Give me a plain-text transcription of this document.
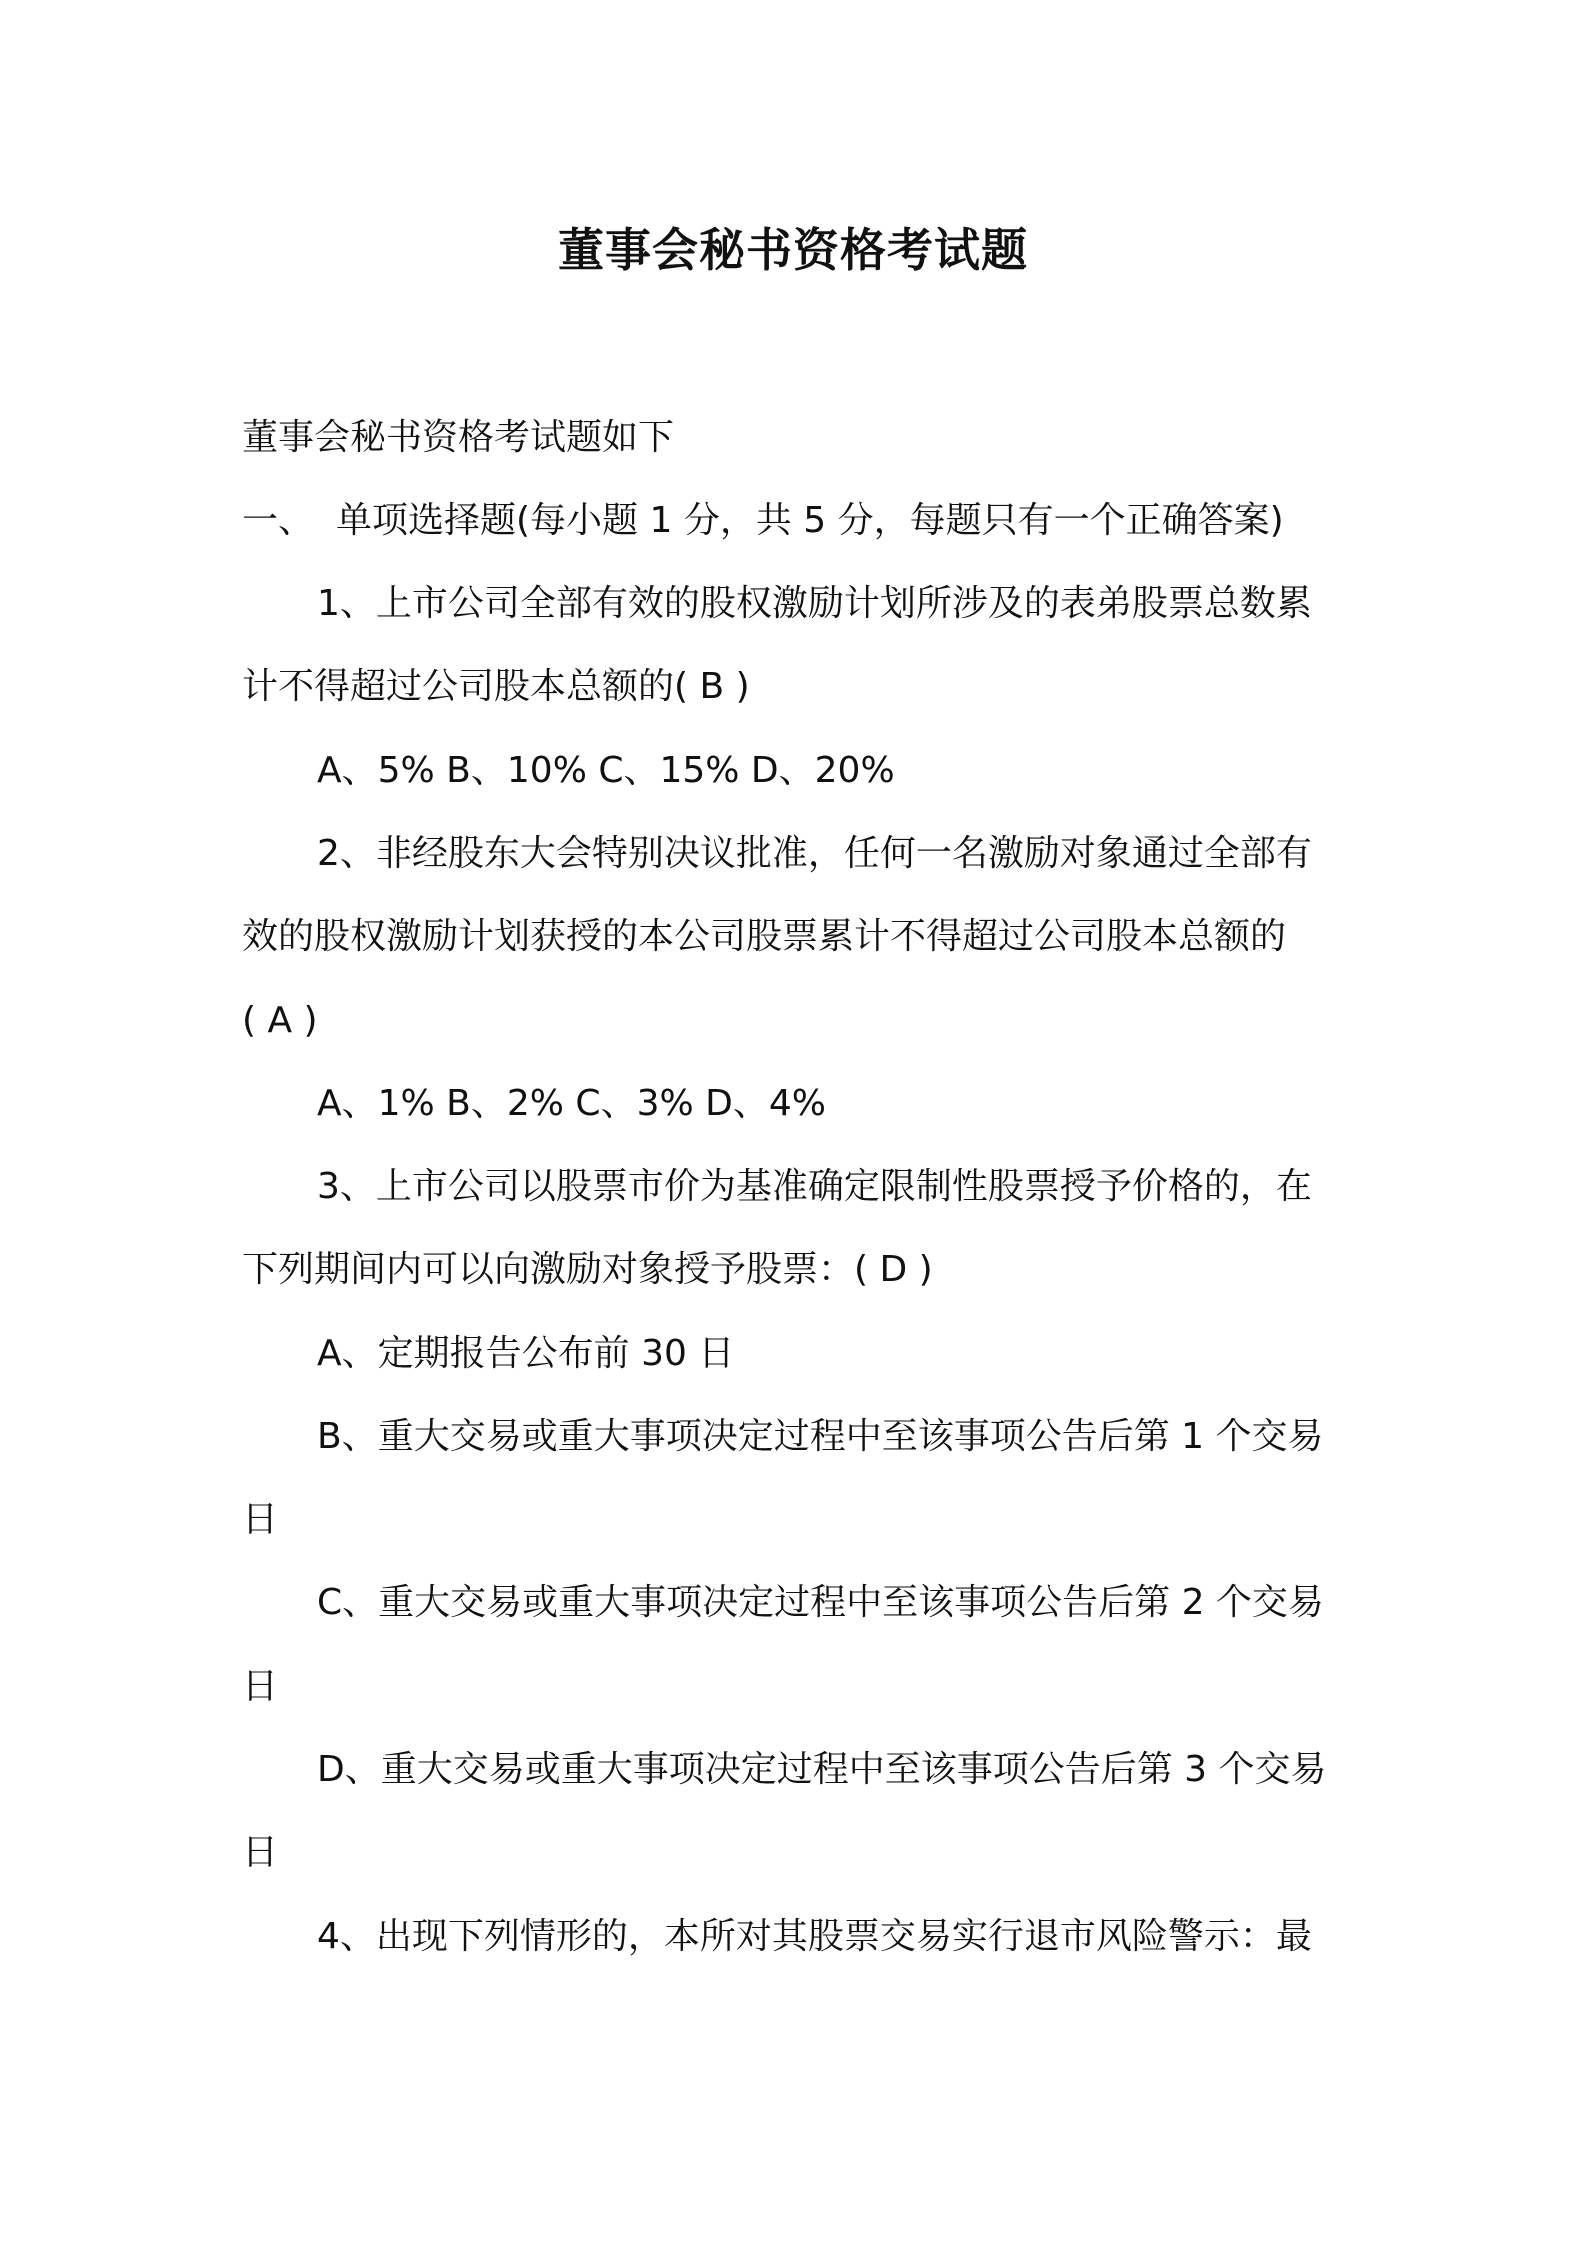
董事会秘书资格考试题
董事会秘书资格考试题如下
一、 单项选择题(每小题 1 分，共 5 分，每题只有一个正确答案)
1、上市公司全部有效的股权激励计划所涉及的表弟股票总数累
计不得超过公司股本总额的( B )
A、5% B、10% C、15% D、20%
2、非经股东大会特别决议批准，任何一名激励对象通过全部有
效的股权激励计划获授的本公司股票累计不得超过公司股本总额的
( A )
A、1% B、2% C、3% D、4%
3、上市公司以股票市价为基准确定限制性股票授予价格的，在
下列期间内可以向激励对象授予股票：( D )
A、定期报告公布前 30 日
B、重大交易或重大事项决定过程中至该事项公告后第 1 个交易
日
C、重大交易或重大事项决定过程中至该事项公告后第 2 个交易
日
D、重大交易或重大事项决定过程中至该事项公告后第 3 个交易
日
4、出现下列情形的，本所对其股票交易实行退市风险警示：最
